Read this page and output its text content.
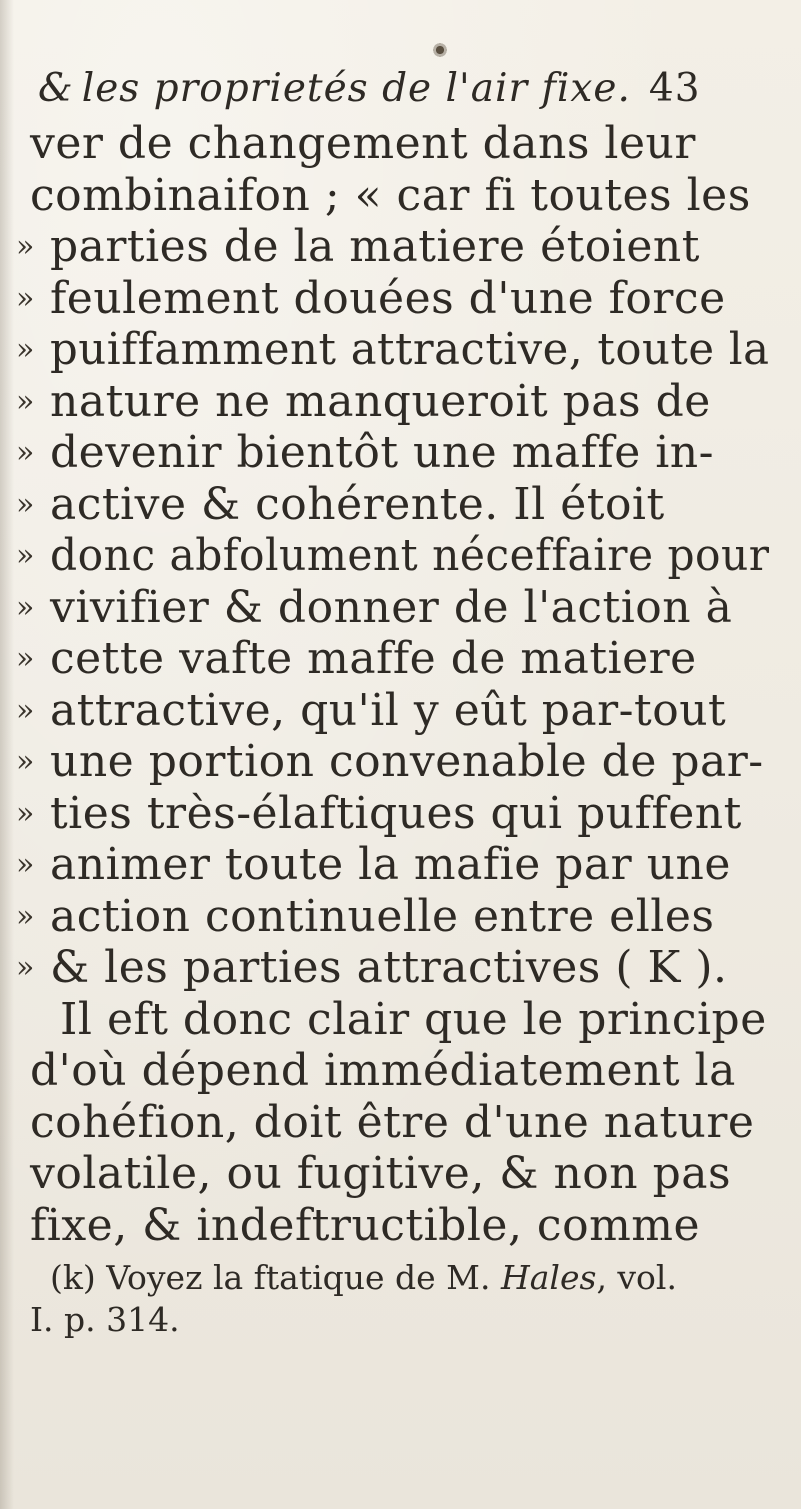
& les proprietés de l'air fixe. 43
ver de changement dans leur
combinaifon ; « car fi toutes les
» parties de la matiere étoient
» feulement douées d'une force
» puiffamment attractive, toute la
» nature ne manqueroit pas de
» devenir bientôt une maffe in-
» active & cohérente. Il étoit
» donc abfolument néceffaire pour
» vivifier & donner de l'action à
» cette vafte maffe de matiere
» attractive, qu'il y eût par-tout
» une portion convenable de par-
» ties très-élaftiques qui puffent
» animer toute la mafie par une
» action continuelle entre elles
» & les parties attractives ( K ).
Il eft donc clair que le principe
d'où dépend immédiatement la
cohéfion, doit être d'une nature
volatile, ou fugitive, & non pas
fixe, & indeftructible, comme
(k) Voyez la ftatique de M. Hales, vol.
I. p. 314.
